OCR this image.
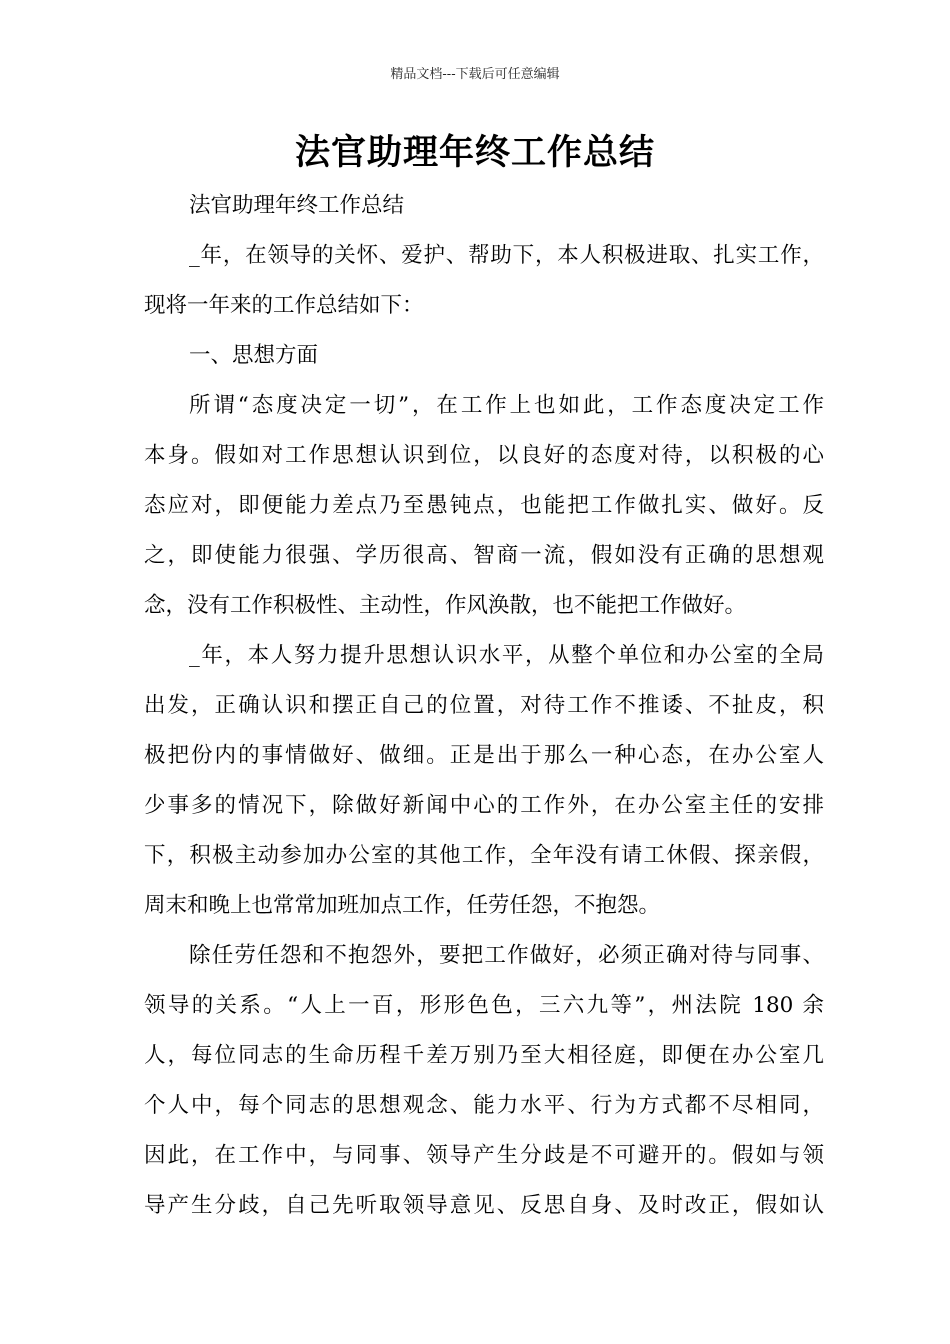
精品文档---下载后可任意编辑
法官助理年终工作总结
法官助理年终工作总结
_年，在领导的关怀、爱护、帮助下，本人积极进取、扎实工作，
现将一年来的工作总结如下：
一、思想方面
所谓“态度决定一切”，在工作上也如此，工作态度决定工作
本身。假如对工作思想认识到位，以良好的态度对待，以积极的心
态应对，即便能力差点乃至愚钝点，也能把工作做扎实、做好。反
之，即使能力很强、学历很高、智商一流，假如没有正确的思想观
念，没有工作积极性、主动性，作风涣散，也不能把工作做好。
_年，本人努力提升思想认识水平，从整个单位和办公室的全局
出发，正确认识和摆正自己的位置，对待工作不推诿、不扯皮，积
极把份内的事情做好、做细。正是出于那么一种心态，在办公室人
少事多的情况下，除做好新闻中心的工作外，在办公室主任的安排
下，积极主动参加办公室的其他工作，全年没有请工休假、探亲假，
周末和晚上也常常加班加点工作，任劳任怨，不抱怨。
除任劳任怨和不抱怨外，要把工作做好，必须正确对待与同事、
领导的关系。“人上一百，形形色色，三六九等”，州法院 180 余
人，每位同志的生命历程千差万别乃至大相径庭，即便在办公室几
个人中，每个同志的思想观念、能力水平、行为方式都不尽相同，
因此，在工作中，与同事、领导产生分歧是不可避开的。假如与领
导产生分歧，自己先听取领导意见、反思自身、及时改正，假如认
